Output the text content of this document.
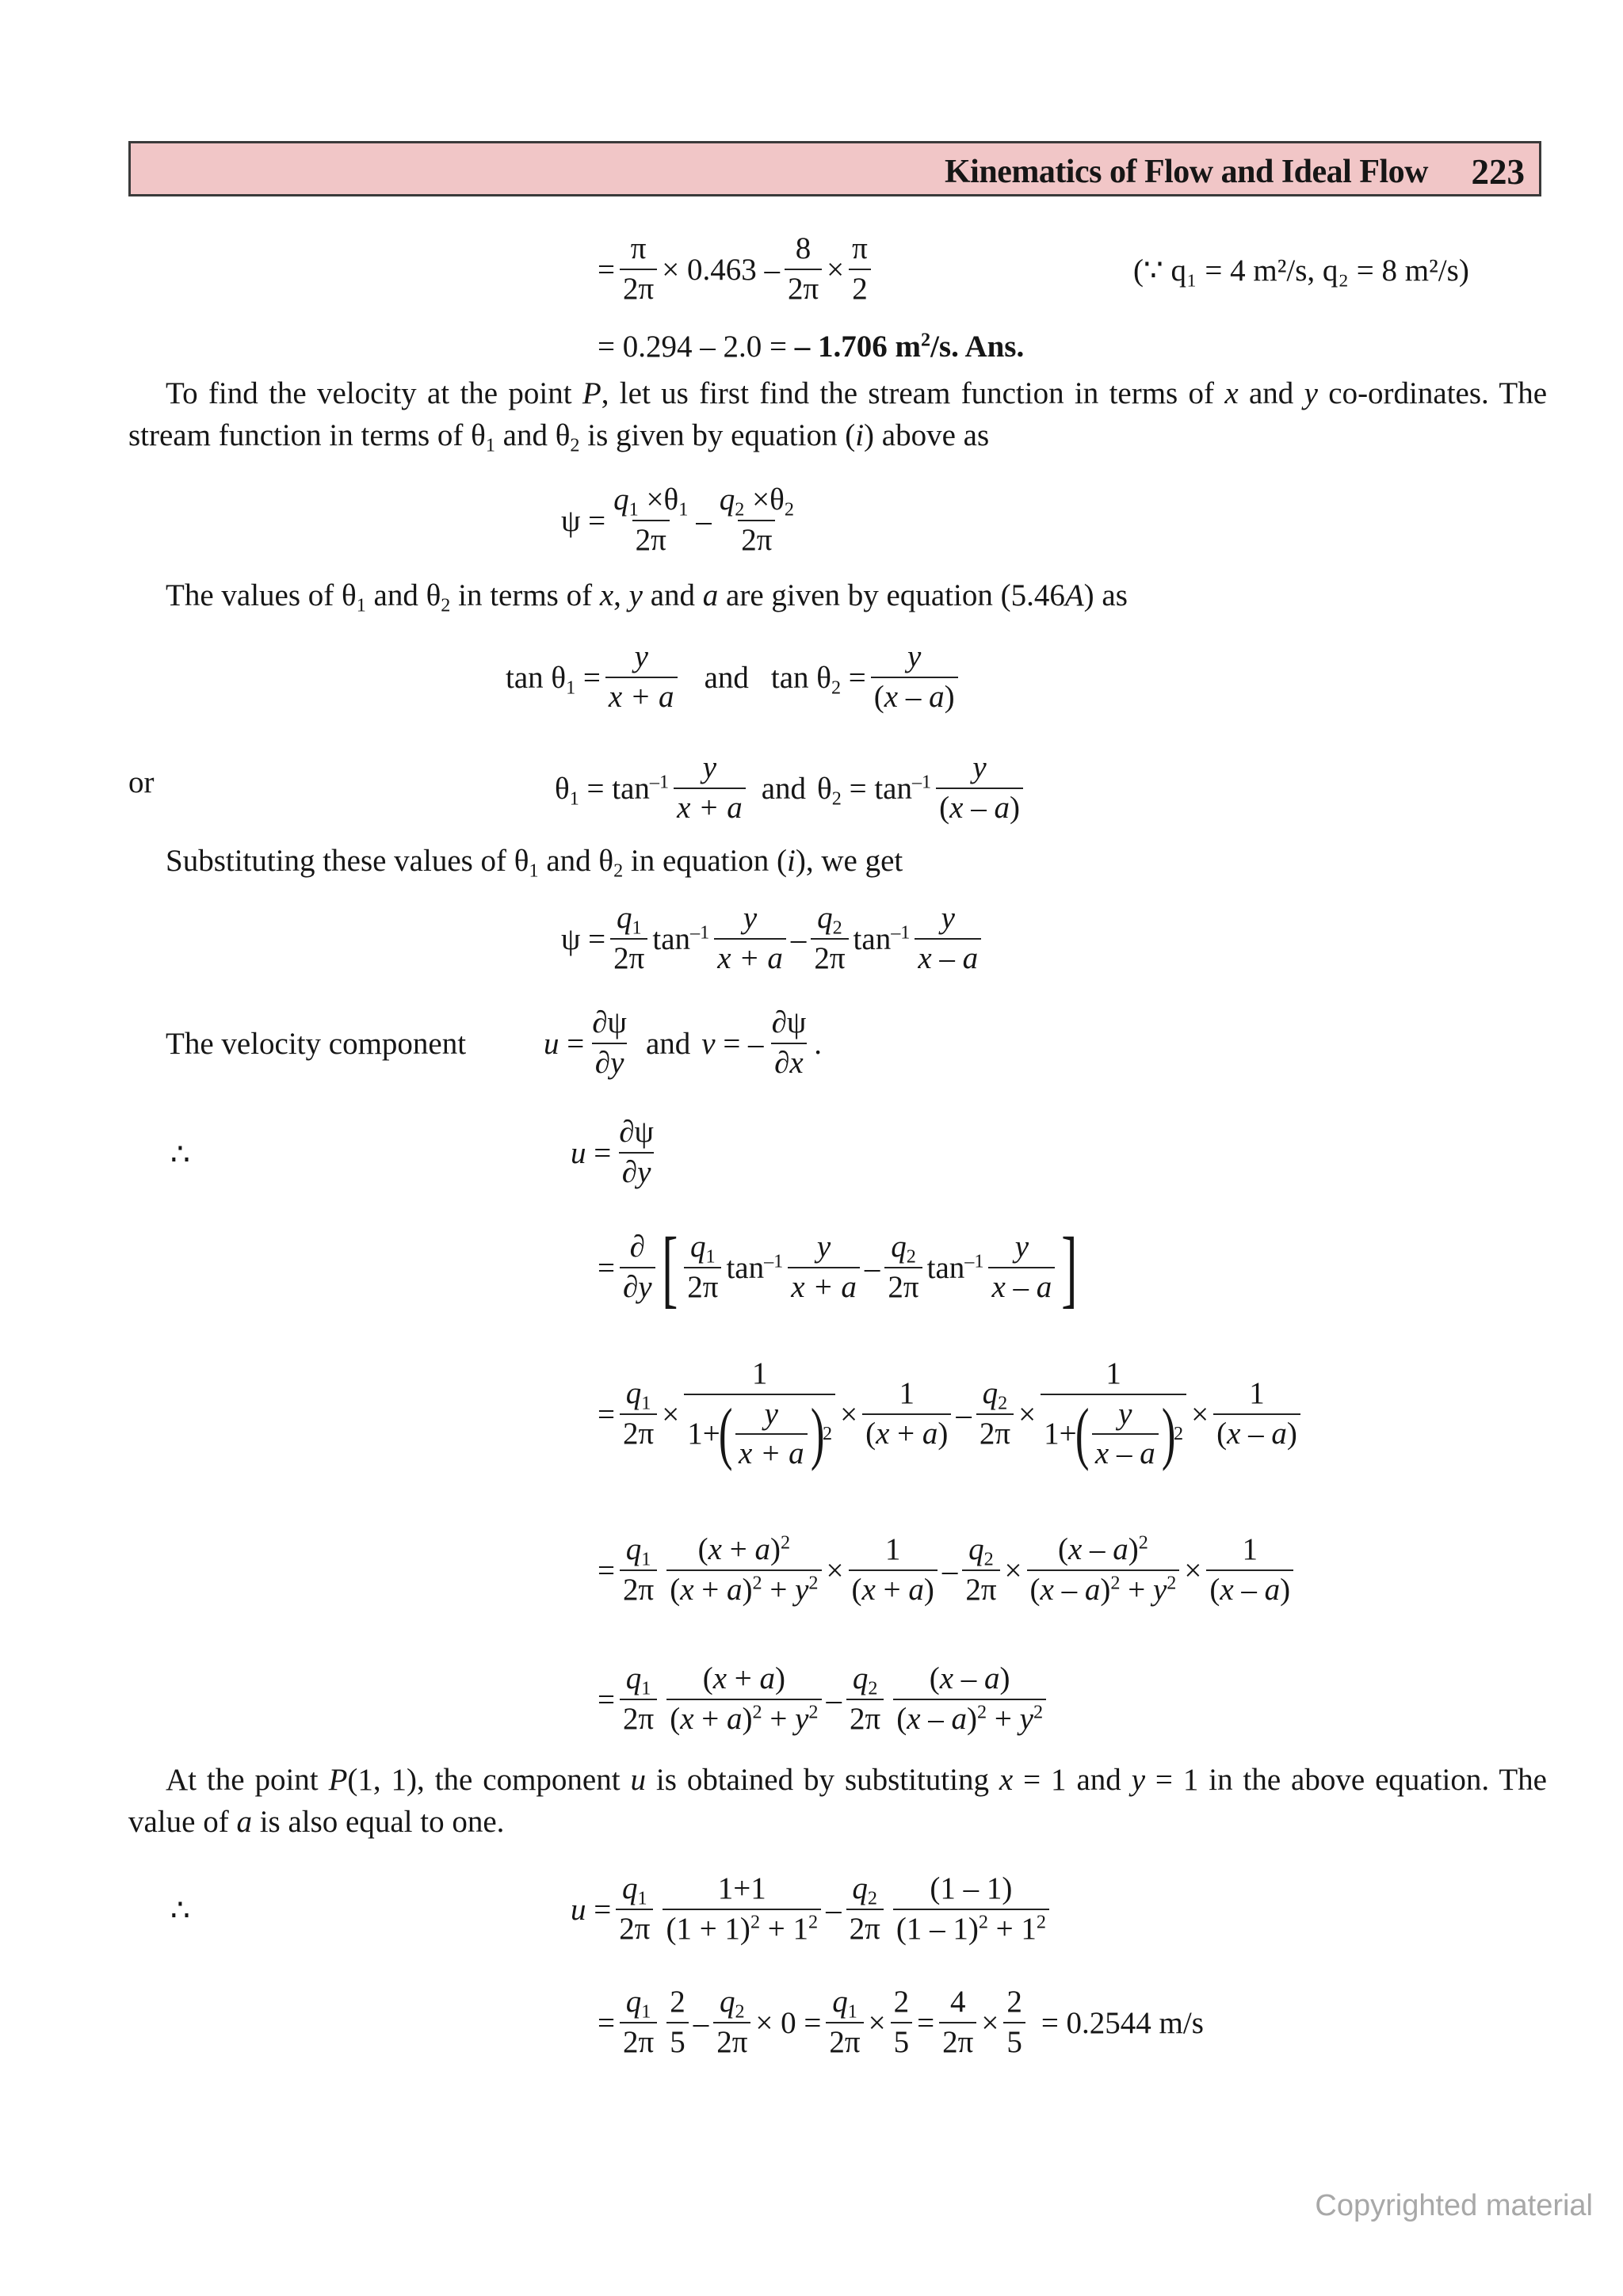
Kinematics of Flow and Ideal Flow 223
= $\frac{\pi}{2\pi} \times 0.463 - \frac{8}{2\pi} \times \frac{\pi}{2}$	(∵ q₁ = 4 m²/s, q₂ = 8 m²/s)
= 0.294 – 2.0 = – 1.706 $m^2/s$. Ans.
To find the velocity at the point P, let us first find the stream function in terms of x and y co-ordinates. The stream function in terms of $\theta_1$ and $\theta_2$ is given by equation (i) above as
$\psi = \frac{q_1 \times\theta_1}{2\pi} - \frac{q_2 \times\theta_2}{2\pi}$
The values of $\theta_1$ and $\theta_2$ in terms of x, y and a are given by equation (5.46A) as
$\tan \theta_1 = \frac{y}{x + a}$ and $\tan \theta_2 = \frac{y}{(x - a)}$
or	$\theta_1 = \tan^{-1} \frac{y}{x + a}$ and $\theta_2 = \tan^{-1} \frac{y}{(x - a)}$
Substituting these values of $\theta_1$ and $\theta_2$ in equation (i), we get
$\psi = \frac{q_1}{2\pi} \tan^{-1} \frac{y}{x + a} - \frac{q_2}{2\pi} \tan^{-1} \frac{y}{x - a}$
The velocity component	$u = \frac{\partial\psi}{\partial y}$ and v = – $\frac{\partial\psi}{\partial x}$ .
∴	$u = \frac{\partial\psi}{\partial y}$
= $\frac{\partial}{\partial y}$ [ $\frac{q_1}{2\pi} \tan^{-1} \frac{y}{x + a} - \frac{q_2}{2\pi} \tan^{-1} \frac{y}{x - a}$ ]
= $\frac{q_1}{2\pi} \times 1$
1+
( $\frac{y}{x + a}$ )
$2 \times \frac{1}{(x + a)} - \frac{q_2}{2\pi} \times 1$
1+
( $\frac{y}{x - a}$ )
$2 \times \frac{1}{(x - a)}$
= $\frac{q_1}{2\pi} \frac{(x + a)^2}{(x + a)^2 + y^2} \times \frac{1}{(x + a)} - \frac{q_2}{2\pi} \times \frac{(x - a)^2}{(x - a)^2 + y^2} \times \frac{1}{(x - a)}$
= $\frac{q_1}{2\pi} \frac{(x + a)}{(x + a)^2 + y^2} - \frac{q_2}{2\pi} \frac{(x - a)}{(x - a)^2 + y^2}$
At the point P(1, 1), the component u is obtained by substituting x = 1 and y = 1 in the above equation. The value of a is also equal to one.
∴	$u = \frac{q_1}{2\pi} \frac{1+1}{(1 + 1)^2 + 1^2} - \frac{q_2}{2\pi} \frac{(1 - 1)}{(1 - 1)^2 + 1^2}$
= $\frac{q_1}{2\pi} \frac{2}{5} - \frac{q_2}{2\pi} \times 0 = \frac{q_1}{2\pi} \times \frac{2}{5} = \frac{4}{2\pi} \times \frac{2}{5} = 0.2544$ m/s
Copyrighted material
